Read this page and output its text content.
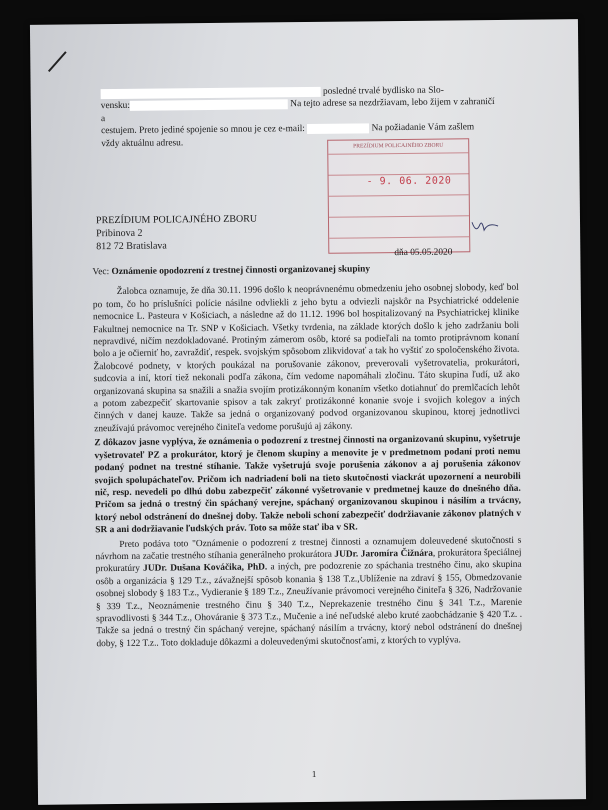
posledné trvalé bydlisko na Slo-

vensku:	Na tejto adrese sa nezdržiavam, lebo žijem v zahraničí a

cestujem. Preto jediné spojenie so mnou je cez e-mail:	Na požiadanie Vám zašlem

vždy aktuálnu adresu.	PREZÍDIUM POLICAJNÉHO ZBORU
- 9. 06. 2020

PREZÍDIUM POLICAJNÉHO ZBORU

Pribinova 2

812 72 Bratislava

dňa 05.05.2020

Vec: Oznámenie opodozrení z trestnej činnosti organizovanej skupiny

Žalobca oznamuje, že dňa 30.11. 1996 došlo k neoprávnenému obmedzeniu jeho osobnej slobody, keď bol po tom, čo ho príslušníci polície násilne odvliekli z jeho bytu a odviezli najskôr na Psychiatrické oddelenie nemocnice L. Pasteura v Košiciach, a následne až do 11.12. 1996 bol hospitalizovaný na Psychiatrickej klinike Fakultnej nemocnice na Tr. SNP v Košiciach. Všetky tvrdenia, na základe ktorých došlo k jeho zadržaniu boli nepravdivé, ničím nezdokladované. Protiným zámerom osôb, ktoré sa podieľali na tomto protiprávnom konaní bolo a je očierniť ho, zavraždiť, respek. svojským spôsobom zlikvidovať a tak ho vyštiť zo spoločenského života. Žalobcové podnety, v ktorých poukázal na porušovanie zákonov, preverovali vyšetrovatelia, prokurátori, sudcovia a iní, ktorí tiež nekonali podľa zákona, čím vedome napomáhali zločinu. Táto skupina ľudí, už ako organizovaná skupina sa snažili a snažia svojím protizákonným konaním všetko dotiahnuť do premlčacích lehôt a potom zabezpečiť skartovanie spisov a tak zakryť protizákonné konanie svoje i svojich kolegov a iných činných v danej kauze. Takže sa jedná o organizovaný podvod organizovanou skupinou, ktorej jednotlivci zneužívajú právomoc verejného činiteľa vedome porušujú aj zákony.

Z dôkazov jasne vyplýva, že oznámenia o podozrení z trestnej činnosti na organizovanú skupinu, vyšetruje vyšetrovateľ PZ a prokurátor, ktorý je členom skupiny a menovite je v predmetnom podaní proti nemu podaný podnet na trestné stíhanie. Takže vyšetrujú svoje porušenia zákonov a aj porušenia zákonov svojich spolupáchateľov. Pričom ich nadriadení boli na tieto skutočnosti viackrát upozornení a neurobili nič, resp. nevedeli po dlhú dobu zabezpečiť zákonné vyšetrovanie v predmetnej kauze do dnešného dňa. Pričom sa jedná o trestný čin spáchaný verejne, spáchaný organizovanou skupinou i násilím a trvácny, ktorý nebol odstránení do dnešnej doby. Takže neboli schoní zabezpečiť dodržiavanie zákonov platných v SR a ani dodržiavanie ľudských práv. Toto sa môže stať iba v SR.

Preto podáva toto "Oznámenie o podozrení z trestnej činnosti a oznamujem doleuvedené skutočnosti s návrhom na začatie trestného stíhania generálneho prokurátora JUDr. Jaromíra Čižnára, prokurátora špeciálnej prokuratúry JUDr. Dušana Kováčika, PhD. a iných, pre podozrenie zo spáchania trestného činu, ako skupina osôb a organizácia § 129 T.z., závažnejší spôsob konania § 138 T.z.,Ublíženie na zdraví § 155, Obmedzovanie osobnej slobody § 183 T.z., Vydieranie § 189 T.z., Zneužívanie právomoci verejného činiteľa § 326, Nadržovanie § 339 T.z., Neoznámenie trestného činu § 340 T.z., Neprekazenie trestného činu § 341 T.z., Marenie spravodlivosti § 344 T.z., Ohováranie § 373 T.z., Mučenie a iné neľudské alebo kruté zaobchádzanie § 420 T.z. . Takže sa jedná o trestný čin spáchaný verejne, spáchaný násilím a trvácny, ktorý nebol odstránení do dnešnej doby, § 122 T.z.. Toto dokladuje dôkazmi a doleuvedenými skutočnosťami, z ktorých to vyplýva.

1
